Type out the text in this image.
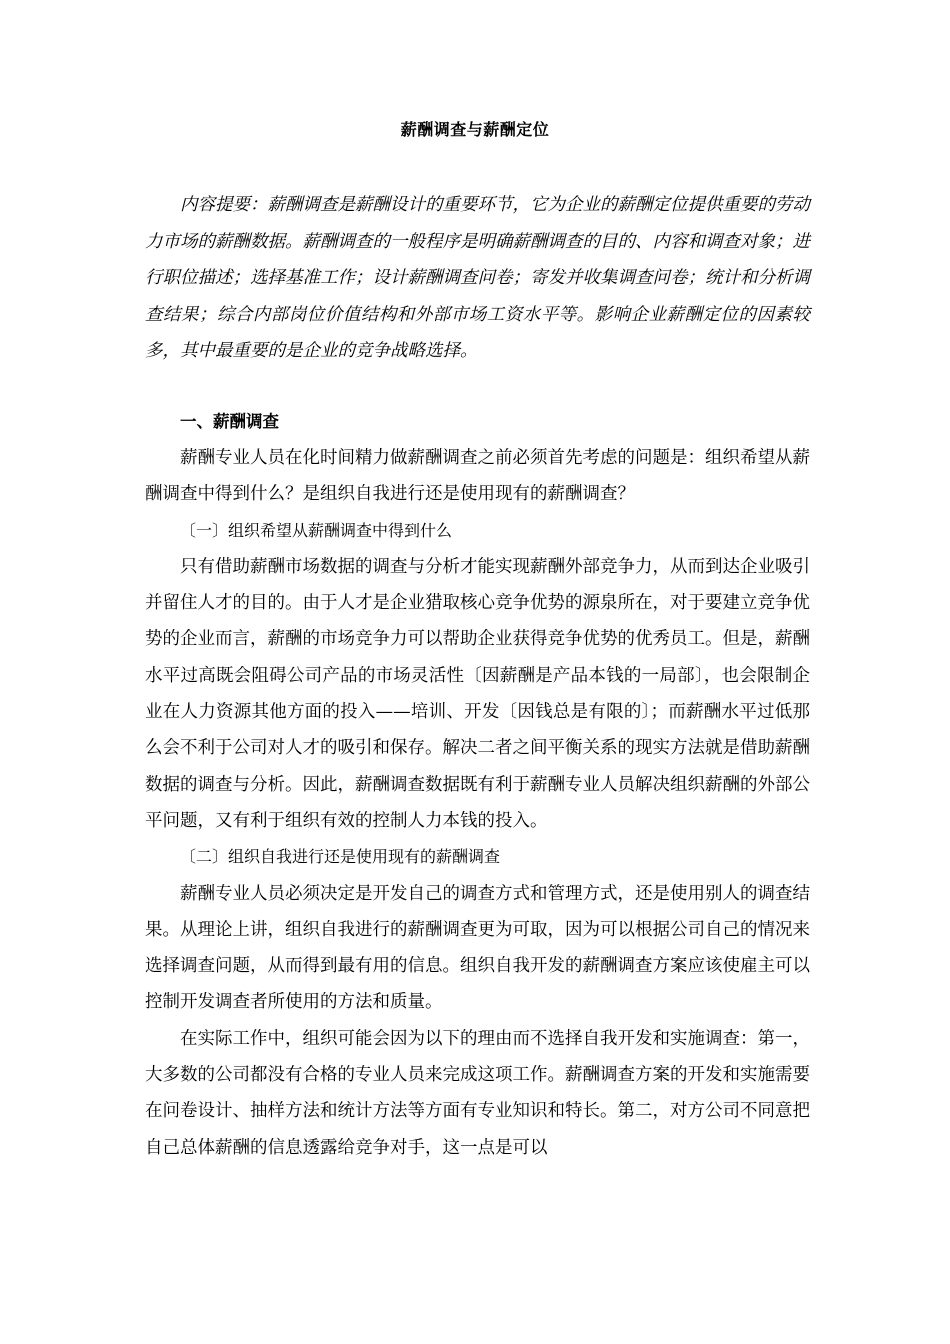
薪酬调查与薪酬定位

内容提要：薪酬调查是薪酬设计的重要环节，它为企业的薪酬定位提供重要的劳动力市场的薪酬数据。薪酬调查的一般程序是明确薪酬调查的目的、内容和调查对象；进行职位描述；选择基准工作；设计薪酬调查问卷；寄发并收集调查问卷；统计和分析调查结果；综合内部岗位价值结构和外部市场工资水平等。影响企业薪酬定位的因素较多，其中最重要的是企业的竞争战略选择。

一、薪酬调查

薪酬专业人员在化时间精力做薪酬调查之前必须首先考虑的问题是：组织希望从薪酬调查中得到什么？是组织自我进行还是使用现有的薪酬调查？

〔一〕组织希望从薪酬调查中得到什么

只有借助薪酬市场数据的调查与分析才能实现薪酬外部竞争力，从而到达企业吸引并留住人才的目的。由于人才是企业猎取核心竞争优势的源泉所在，对于要建立竞争优势的企业而言，薪酬的市场竞争力可以帮助企业获得竞争优势的优秀员工。但是，薪酬水平过高既会阻碍公司产品的市场灵活性〔因薪酬是产品本钱的一局部〕，也会限制企业在人力资源其他方面的投入——培训、开发〔因钱总是有限的〕；而薪酬水平过低那么会不利于公司对人才的吸引和保存。解决二者之间平衡关系的现实方法就是借助薪酬数据的调查与分析。因此，薪酬调查数据既有利于薪酬专业人员解决组织薪酬的外部公平问题，又有利于组织有效的控制人力本钱的投入。

〔二〕组织自我进行还是使用现有的薪酬调查

薪酬专业人员必须决定是开发自己的调查方式和管理方式，还是使用别人的调查结果。从理论上讲，组织自我进行的薪酬调查更为可取，因为可以根据公司自己的情况来选择调查问题，从而得到最有用的信息。组织自我开发的薪酬调查方案应该使雇主可以控制开发调查者所使用的方法和质量。

在实际工作中，组织可能会因为以下的理由而不选择自我开发和实施调查：第一，大多数的公司都没有合格的专业人员来完成这项工作。薪酬调查方案的开发和实施需要在问卷设计、抽样方法和统计方法等方面有专业知识和特长。第二，对方公司不同意把自己总体薪酬的信息透露给竞争对手，这一点是可以
